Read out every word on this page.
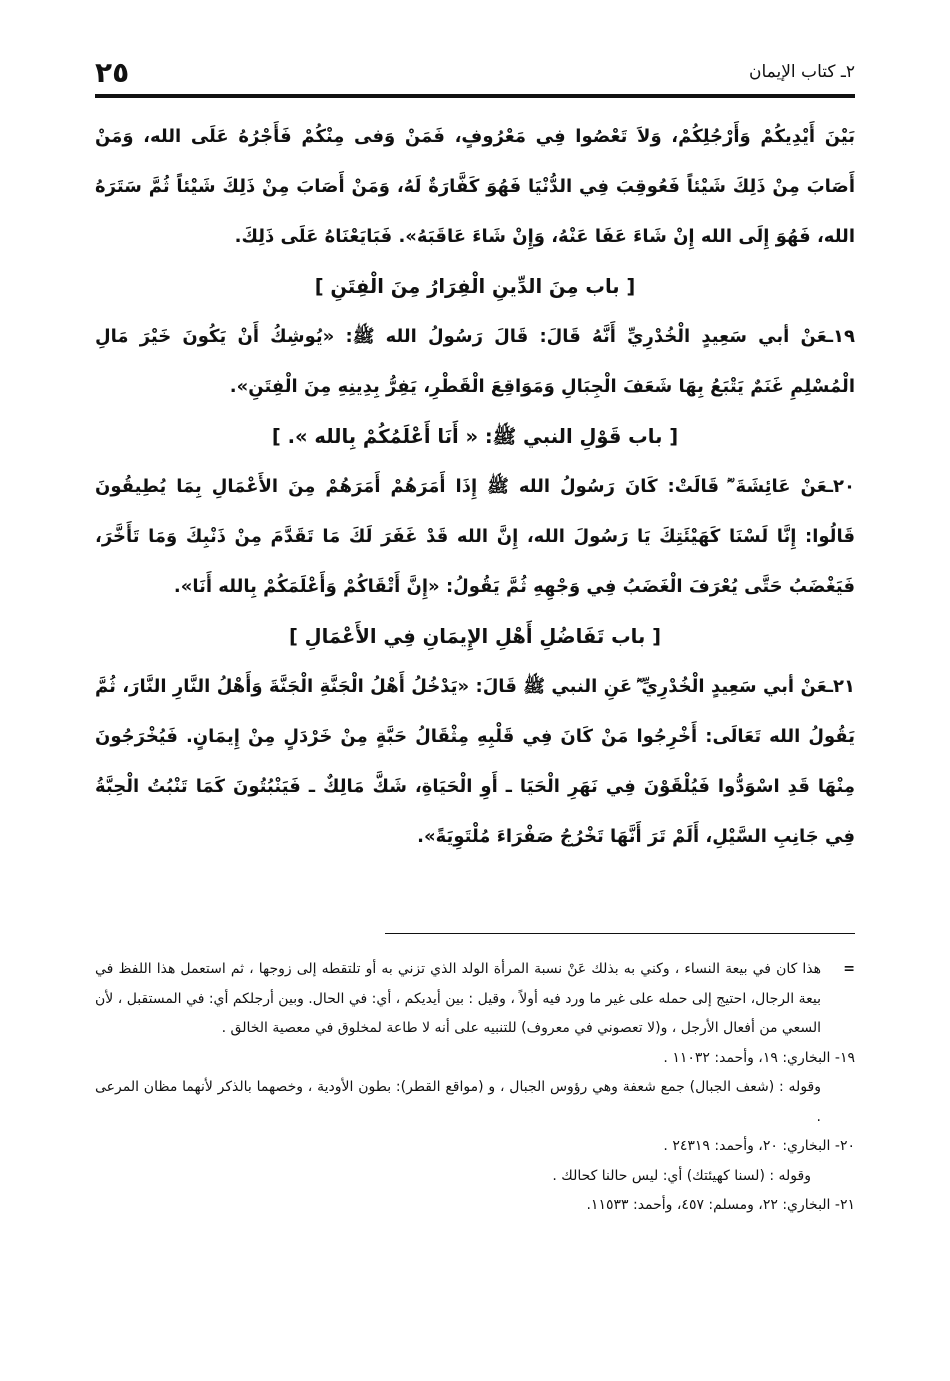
٢ـ كتاب الإيمان
٢٥

بَيْنَ أَيْدِيكُمْ وَأَرْجُلِكُمْ، وَلاَ تَعْصُوا فِي مَعْرُوفٍ، فَمَنْ وَفى مِنْكُمْ فَأَجْرُهُ عَلَى الله، وَمَنْ أَصَابَ مِنْ ذَلِكَ شَيْئاً فَعُوقِبَ فِي الدُّنْيَا فَهُوَ كَفَّارَةٌ لَهُ، وَمَنْ أَصَابَ مِنْ ذَلِكَ شَيْئاً ثُمَّ سَتَرَهُ الله، فَهُوَ إِلَى الله إِنْ شَاءَ عَفَا عَنْهُ، وَإِنْ شَاءَ عَاقَبَهُ». فَبَايَعْنَاهُ عَلَى ذَلِكَ.

[ باب مِنَ الدِّينِ الْفِرَارُ مِنَ الْفِتَنِ ]

١٩ـعَنْ أبي سَعِيدٍ الْخُدْرِيِّ أَنَّهُ قَالَ: قَالَ رَسُولُ الله ﷺ: «يُوشِكُ أَنْ يَكُونَ خَيْرَ مَالِ الْمُسْلِمِ غَنَمٌ يَتْبَعُ بِهَا شَعَفَ الْجِبَالِ وَمَوَاقِعَ الْقَطْرِ، يَفِرُّ بِدِينِهِ مِنَ الْفِتَنِ».

[ باب قَوْلِ النبي ﷺ: « أَنَا أَعْلَمُكُمْ بِالله ». ]

٢٠ـعَنْ عَائِشَةَ ؓ قَالَتْ: كَانَ رَسُولُ الله ﷺ إِذَا أَمَرَهُمْ أَمَرَهُمْ مِنَ الأَعْمَالِ بِمَا يُطِيقُونَ قَالُوا: إِنَّا لَسْنَا كَهَيْئَتِكَ يَا رَسُولَ الله، إِنَّ الله قَدْ غَفَرَ لَكَ مَا تَقَدَّمَ مِنْ ذَنْبِكَ وَمَا تَأَخَّرَ، فَيَغْضَبُ حَتَّى يُعْرَفَ الْغَضَبُ فِي وَجْهِهِ ثُمَّ يَقُولُ: «إِنَّ أَتْقَاكُمْ وَأَعْلَمَكُمْ بِالله أَنَا».

[ باب تَفَاضُلِ أَهْلِ الإِيمَانِ فِي الأَعْمَالِ ]

٢١ـعَنْ أبي سَعِيدٍ الْخُدْرِيِّ ؓ عَنِ النبي ﷺ قَالَ: «يَدْخُلُ أَهْلُ الْجَنَّةِ الْجَنَّةَ وَأَهْلُ النَّارِ النَّارَ، ثُمَّ يَقُولُ الله تَعَالَى: أَخْرِجُوا مَنْ كَانَ فِي قَلْبِهِ مِثْقَالُ حَبَّةٍ مِنْ خَرْدَلٍ مِنْ إِيمَانٍ. فَيُخْرَجُونَ مِنْهَا قَدِ اسْوَدُّوا فَيُلْقَوْنَ فِي نَهَرِ الْحَيَا ـ أَوِ الْحَيَاةِ، شَكَّ مَالِكٌ ـ فَيَنْبُتُونَ كَمَا تَنْبُتُ الْحِبَّةُ فِي جَانِبِ السَّيْلِ، أَلَمْ تَرَ أَنَّهَا تَخْرُجُ صَفْرَاءَ مُلْتَوِيَةً».

=
هذا كان في بيعة النساء ، وكني به بذلك عَنْ نسبة المرأة الولد الذي تزني به أو تلتقطه إلى زوجها ، ثم استعمل هذا اللفظ في بيعة الرجال، احتيج إلى حمله على غير ما ورد فيه أولاً ، وقيل : بين أيديكم ، أي: في الحال. وبين أرجلكم أي: في المستقبل ، لأن السعي من أفعال الأرجل ، و(لا تعصوني في معروف) للتنبيه على أنه لا طاعة لمخلوق في معصية الخالق .

١٩- البخاري: ١٩، وأحمد: ١١٠٣٢ .

وقوله : (شعف الجبال) جمع شعفة وهي رؤوس الجبال ، و (مواقع القطر): بطون الأودية ، وخصهما بالذكر لأنهما مظان المرعى .

٢٠- البخاري: ٢٠، وأحمد: ٢٤٣١٩ .

وقوله : (لسنا كهيئتك) أي: ليس حالنا كحالك .

٢١- البخاري: ٢٢، ومسلم: ٤٥٧، وأحمد: ١١٥٣٣.
